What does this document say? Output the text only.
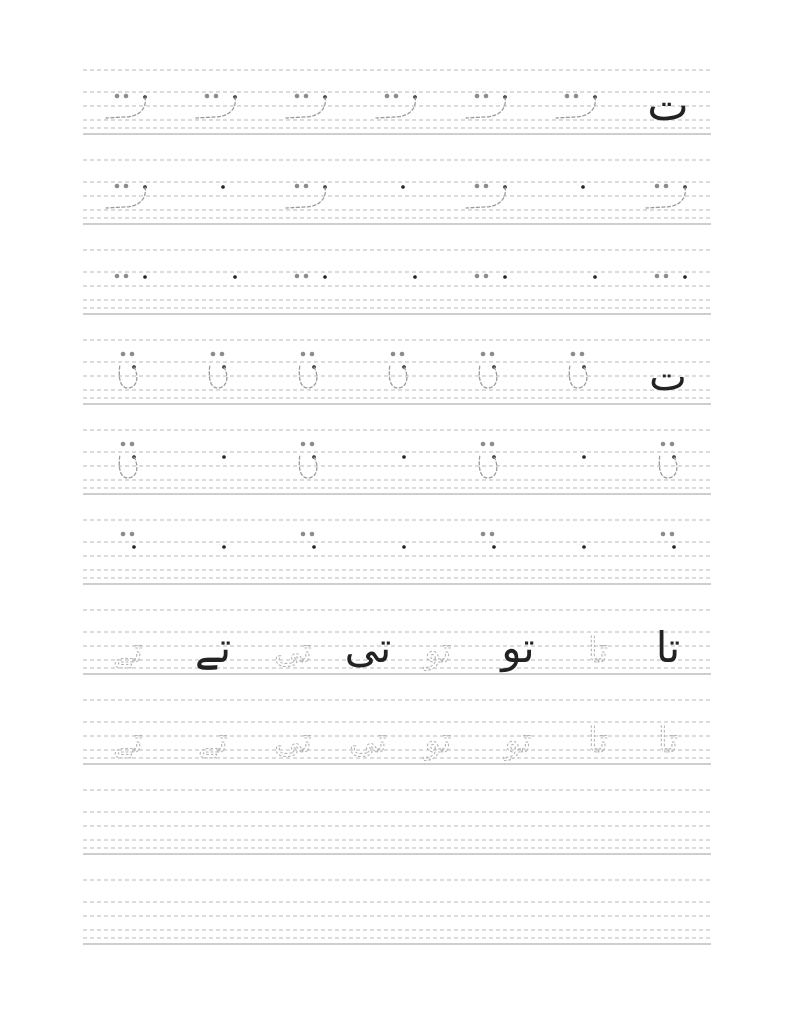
ت
ت
تا
تا
تو
تو
تی
تی
تے
تے
تا
تا
تو
تو
تی
تی
تے
تے
